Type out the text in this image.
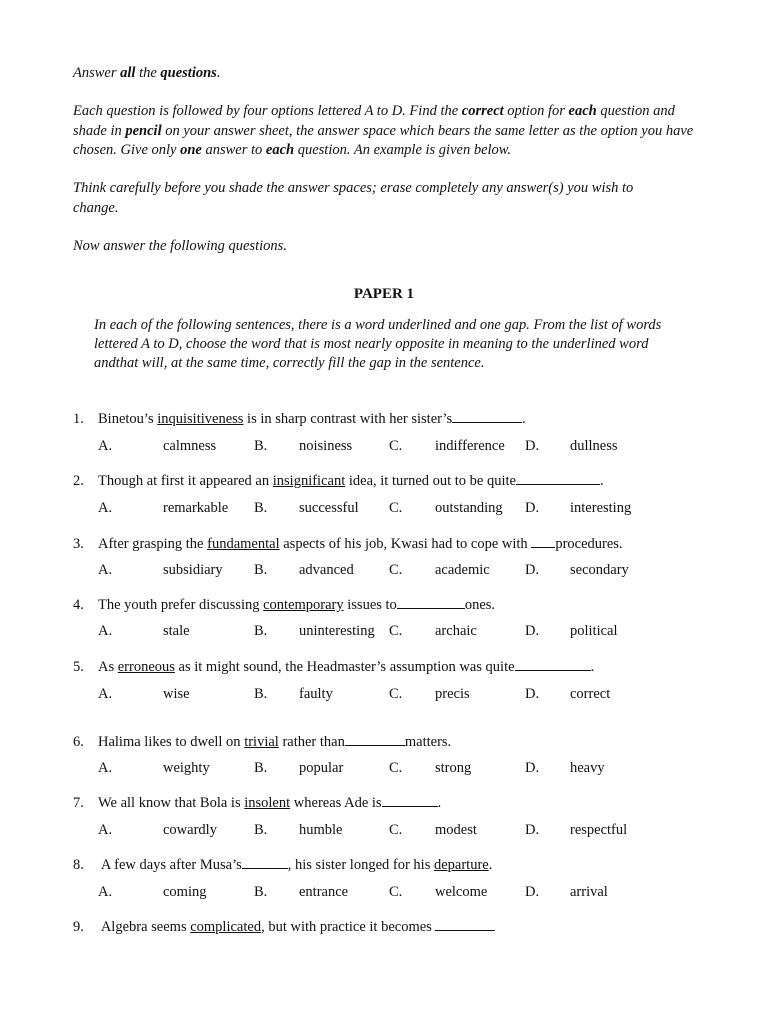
Answer all the questions.
Each question is followed by four options lettered A to D. Find the correct option for each question and shade in pencil on your answer sheet, the answer space which bears the same letter as the option you have chosen. Give only one answer to each question. An example is given below.
Think carefully before you shade the answer spaces; erase completely any answer(s) you wish to change.
Now answer the following questions.
PAPER 1
In each of the following sentences, there is a word underlined and one gap. From the list of words lettered A to D, choose the word that is most nearly opposite in meaning to the underlined word andthat will, at the same time, correctly fill the gap in the sentence.
1. Binetou’s inquisitiveness is in sharp contrast with her sister’s	.
A.	calmness	B. noisiness	C. indifference D. dullness
2. Though at first it appeared an insignificant idea, it turned out to be quite	.
A.	remarkable B. successful C. outstanding D. interesting
3. After grasping the fundamental aspects of his job, Kwasi had to cope with procedures.
A.	subsidiary B. advanced C. academic D. secondary
4. The youth prefer discussing contemporary issues to	ones.
A.	stale	B. uninteresting C. archaic	D. political
5. As erroneous as it might sound, the Headmaster’s assumption was quite	.
A.	wise	B. faulty	C. precis	D. correct
6. Halima likes to dwell on trivial rather than	matters.
A.	weighty	B. popular	C. strong	D. heavy
7. We all know that Bola is insolent whereas Ade is	.
A.	cowardly	B. humble	C. modest	D. respectful
8. A few days after Musa’s	, his sister longed for his departure.
A.	coming	B. entrance	C. welcome	D. arrival
9. Algebra seems complicated, but with practice it becomes
